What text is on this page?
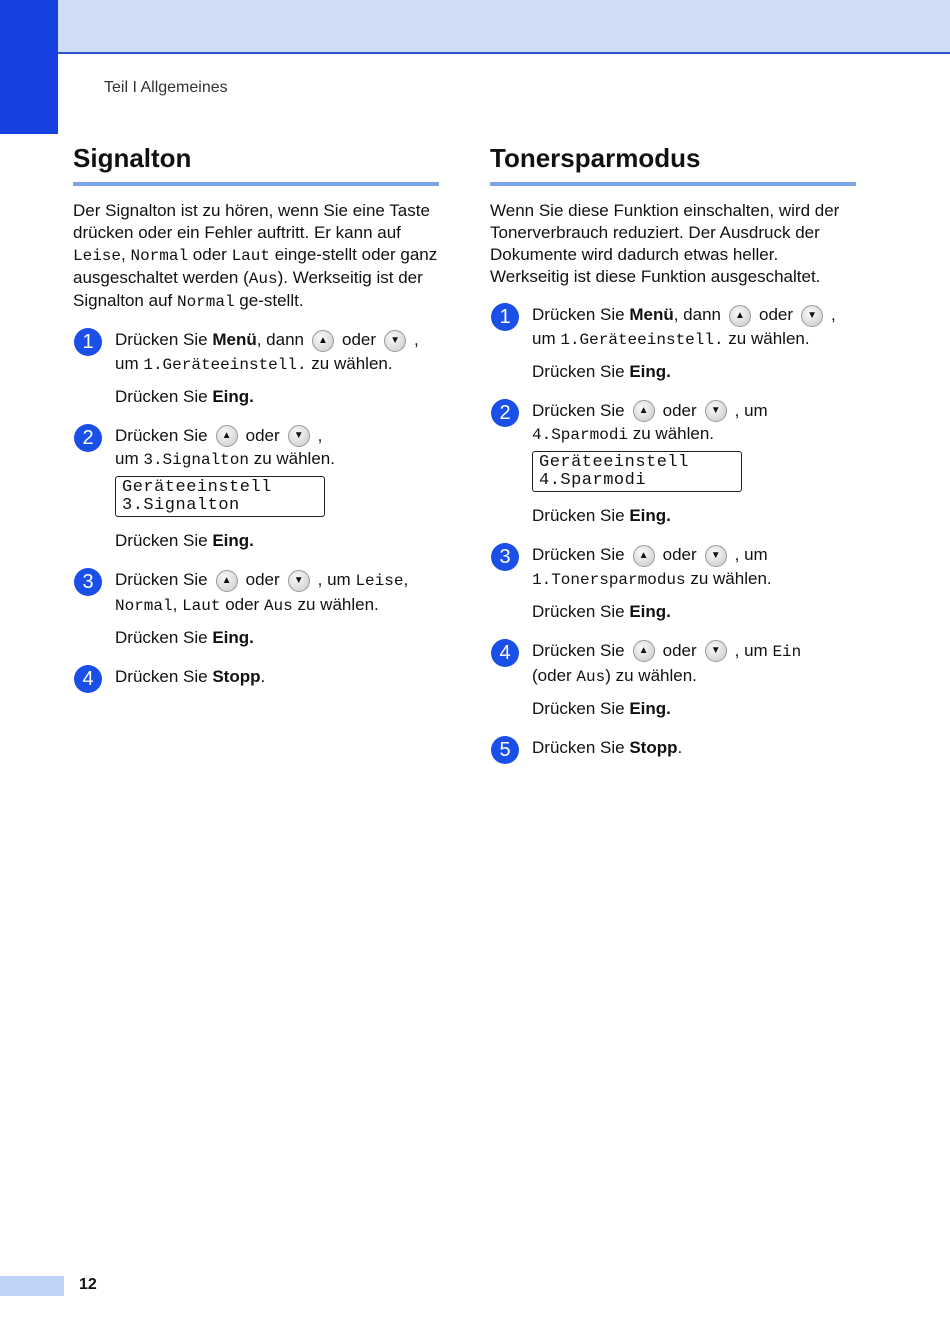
Teil I Allgemeines
Signalton

Der Signalton ist zu hören, wenn Sie eine Taste drücken oder ein Fehler auftritt. Er kann auf Leise, Normal oder Laut einge-stellt oder ganz ausgeschaltet werden (Aus). Werkseitig ist der Signalton auf Normal ge-stellt.

1	Drücken Sie Menü, dann ▲ oder ▼ ,
um 1.Geräteeinstell. zu wählen.

Drücken Sie Eing.

2	Drücken Sie ▲ oder ▼ ,
um 3.Signalton zu wählen.

Geräteeinstell
3.Signalton

Drücken Sie Eing.

3	Drücken Sie ▲ oder ▼ , um Leise, Normal, Laut oder Aus zu wählen.

Drücken Sie Eing.

4	Drücken Sie Stopp.

Tonersparmodus

Wenn Sie diese Funktion einschalten, wird der Tonerverbrauch reduziert. Der Ausdruck der Dokumente wird dadurch etwas heller. Werkseitig ist diese Funktion ausgeschaltet.

1	Drücken Sie Menü, dann ▲ oder ▼ ,
um 1.Geräteeinstell. zu wählen.

Drücken Sie Eing.

2	Drücken Sie ▲ oder ▼ , um
4.Sparmodi zu wählen.

Geräteeinstell
4.Sparmodi

Drücken Sie Eing.

3	Drücken Sie ▲ oder ▼ , um
1.Tonersparmodus zu wählen.

Drücken Sie Eing.

4	Drücken Sie ▲ oder ▼ , um Ein
(oder Aus) zu wählen.

Drücken Sie Eing.

5	Drücken Sie Stopp.

12
